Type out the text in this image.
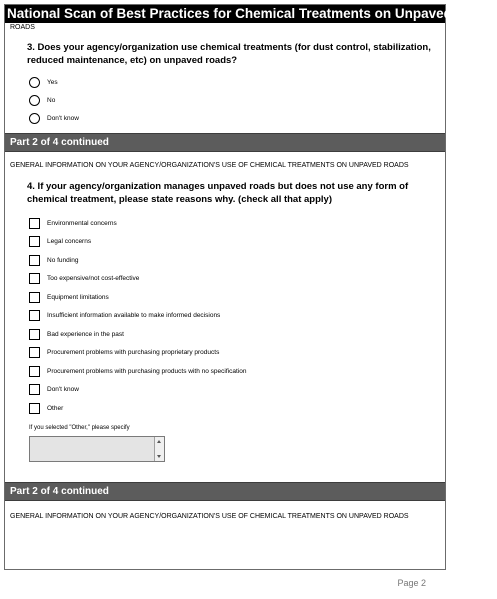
National Scan of Best Practices for Chemical Treatments on Unpaved Roads
ROADS
3. Does your agency/organization use chemical treatments (for dust control, stabilization, reduced maintenance, etc) on unpaved roads?
Yes
No
Don't know
Part 2 of 4 continued
GENERAL INFORMATION ON YOUR AGENCY/ORGANIZATION'S USE OF CHEMICAL TREATMENTS ON UNPAVED ROADS
4. If your agency/organization manages unpaved roads but does not use any form of chemical treatment, please state reasons why. (check all that apply)
Environmental concerns
Legal concerns
No funding
Too expensive/not cost-effective
Equipment limitations
Insufficient information available to make informed decisions
Bad experience in the past
Procurement problems with purchasing proprietary products
Procurement problems with purchasing products with no specification
Don't know
Other
If you selected "Other," please specify
Part 2 of 4 continued
GENERAL INFORMATION ON YOUR AGENCY/ORGANIZATION'S USE OF CHEMICAL TREATMENTS ON UNPAVED ROADS
Page 2
